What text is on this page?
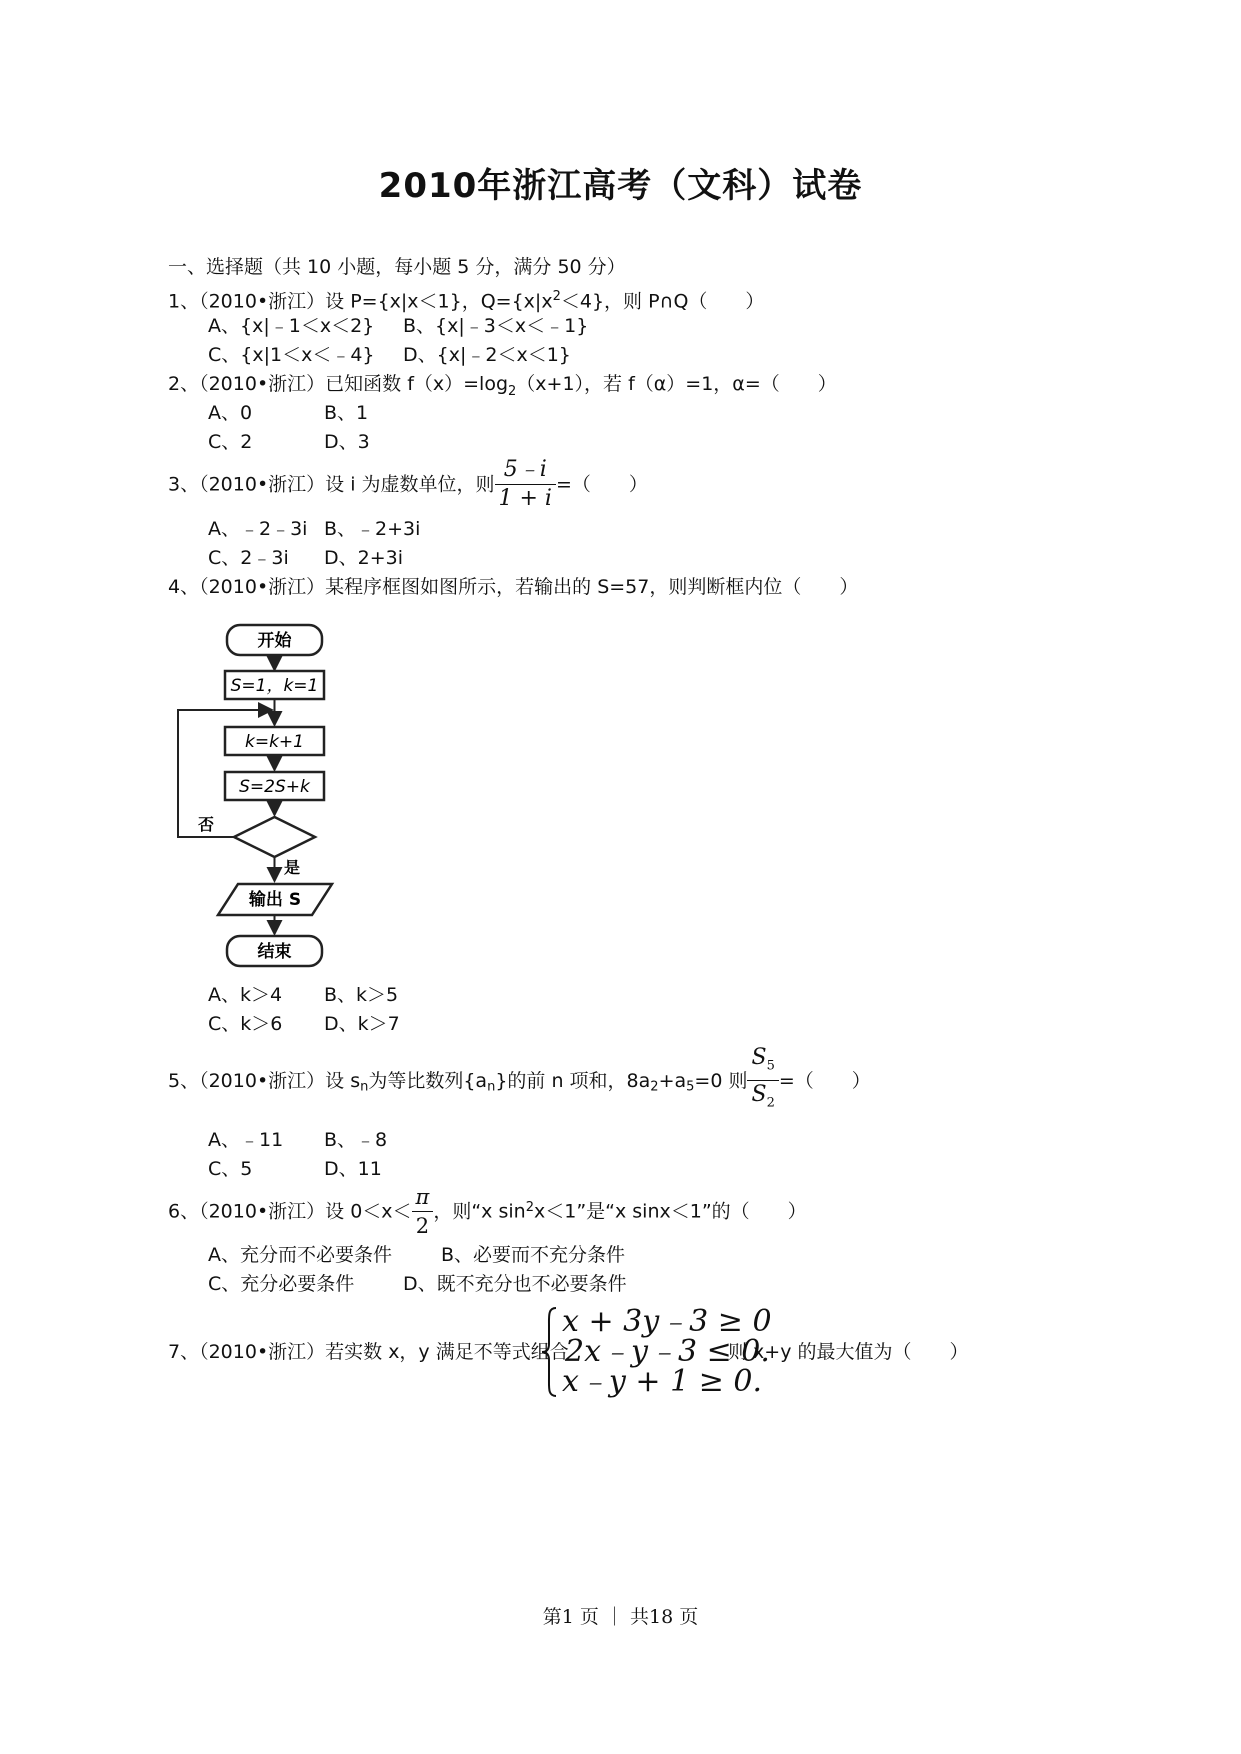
2010年浙江高考（文科）试卷
一、选择题（共 10 小题，每小题 5 分，满分 50 分）
1、（2010•浙江）设 P={x|x＜1}，$Q=\{x|x^2<4\}$，则 P∩Q（　　）
A、{x|﹣1＜x＜2} B、{x|﹣3＜x＜﹣1}
C、{x|1＜x＜﹣4} D、{x|﹣2＜x＜1}
2、（2010•浙江）已知函数 $f(x)=\log_2(x+1)$，若 f（α）=1，α=（　　）
A、0	B、1
C、2	D、3
3、（2010•浙江）设 i 为虚数单位，则 $\frac{5﹣i}{1 + i}$ =（　　）
A、﹣2﹣3i B、﹣2+3i
C、2﹣3i D、2+3i
4、（2010•浙江）某程序框图如图所示，若输出的 S=57，则判断框内位（　　）
开始
S=1，k=1
k=k+1
S=2S+k
否
是
输出 S
结束
A、k＞4 B、k＞5
C、k＞6 D、k＞7
5、（2010•浙江）设 $s_n$为等比数列$\{a_n\}$的前 n 项和，$8a_2+a_5=0$ 则 $\frac{S_5}{S_2}$ =（　　）
A、﹣11 B、﹣8
C、5	D、11
6、（2010•浙江）设 $0<x< \frac{\pi}{2}$ ，则“x $\sin^2x<1$”是“x sinx＜1”的（　　）
A、充分而不必要条件	B、必要而不充分条件
C、充分必要条件	D、既不充分也不必要条件
7、（2010•浙江）若实数 x，y 满足不等式组合
x + 3y﹣3 ≥ 0
2x﹣y﹣3 ≤ 0.
x﹣y + 1 ≥ 0.
则 x+y 的最大值为（　　）
第1 页 ｜ 共18 页
